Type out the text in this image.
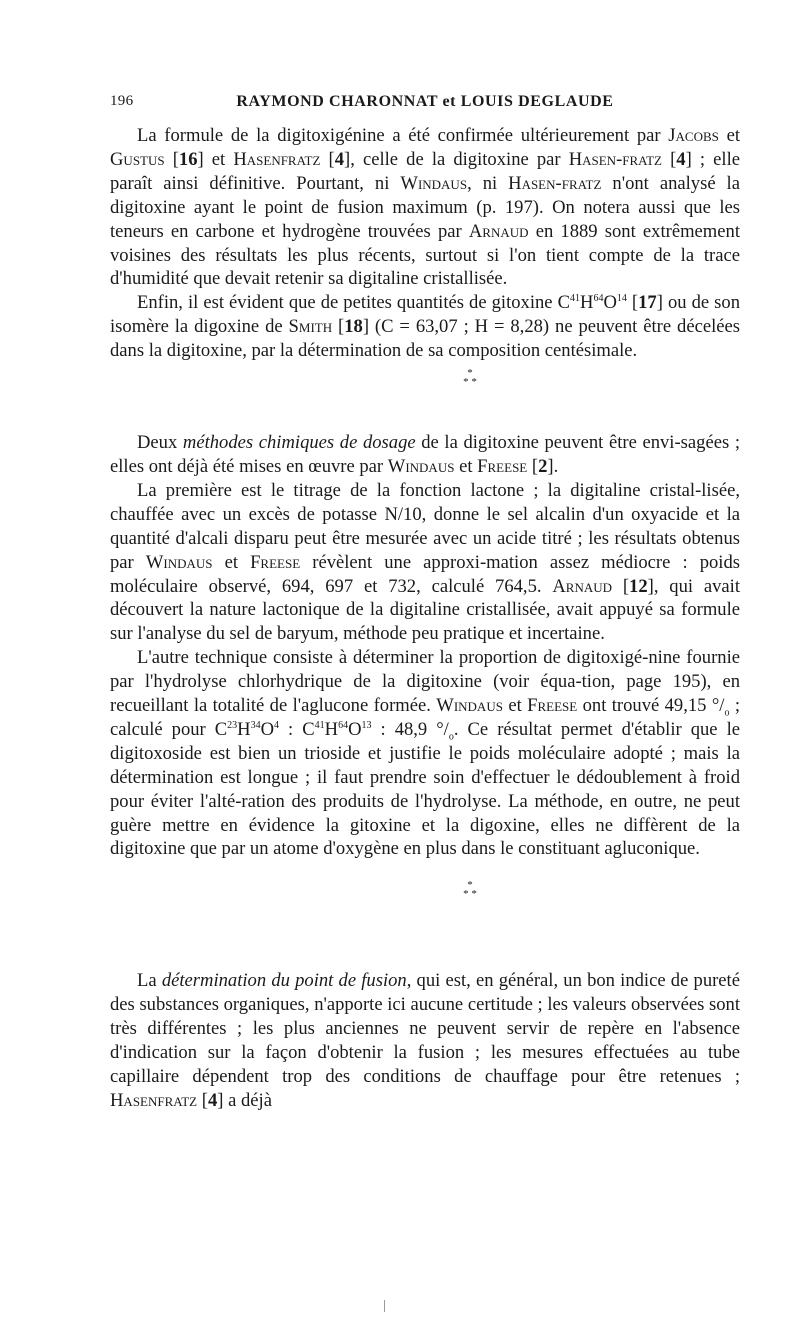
196	RAYMOND CHARONNAT et LOUIS DEGLAUDE

La formule de la digitoxigénine a été confirmée ultérieurement par Jacobs et Gustus [16] et Hasenfratz [4], celle de la digitoxine par Hasen-fratz [4] ; elle paraît ainsi définitive. Pourtant, ni Windaus, ni Hasen-fratz n'ont analysé la digitoxine ayant le point de fusion maximum (p. 197). On notera aussi que les teneurs en carbone et hydrogène trouvées par Arnaud en 1889 sont extrêmement voisines des résultats les plus récents, surtout si l'on tient compte de la trace d'humidité que devait retenir sa digitaline cristallisée.

Enfin, il est évident que de petites quantités de gitoxine $C^{41}H^{64}O^{14}$ [17] ou de son isomère la digoxine de Smith [18] (C = 63,07 ; H = 8,28) ne peuvent être décelées dans la digitoxine, par la détermination de sa composition centésimale.

*
* *

Deux méthodes chimiques de dosage de la digitoxine peuvent être envi-sagées ; elles ont déjà été mises en œuvre par Windaus et Freese [2].

La première est le titrage de la fonction lactone ; la digitaline cristal-lisée, chauffée avec un excès de potasse N/10, donne le sel alcalin d'un oxyacide et la quantité d'alcali disparu peut être mesurée avec un acide titré ; les résultats obtenus par Windaus et Freese révèlent une approxi-mation assez médiocre : poids moléculaire observé, 694, 697 et 732, calculé 764,5. Arnaud [12], qui avait découvert la nature lactonique de la digitaline cristallisée, avait appuyé sa formule sur l'analyse du sel de baryum, méthode peu pratique et incertaine.

L'autre technique consiste à déterminer la proportion de digitoxigé-nine fournie par l'hydrolyse chlorhydrique de la digitoxine (voir équa-tion, page 195), en recueillant la totalité de l'aglucone formée. Windaus et Freese ont trouvé 49,15 $^\circ/_o$ ; calculé pour $C^{23}H^{34}O^4$ : $C^{41}H^{64}O^{13}$ : 48,9 $^\circ/_o$. Ce résultat permet d'établir que le digitoxoside est bien un trioside et justifie le poids moléculaire adopté ; mais la détermination est longue ; il faut prendre soin d'effectuer le dédoublement à froid pour éviter l'alté-ration des produits de l'hydrolyse. La méthode, en outre, ne peut guère mettre en évidence la gitoxine et la digoxine, elles ne diffèrent de la digitoxine que par un atome d'oxygène en plus dans le constituant agluconique.

*
* *

La détermination du point de fusion, qui est, en général, un bon indice de pureté des substances organiques, n'apporte ici aucune certitude ; les valeurs observées sont très différentes ; les plus anciennes ne peuvent servir de repère en l'absence d'indication sur la façon d'obtenir la fusion ; les mesures effectuées au tube capillaire dépendent trop des conditions de chauffage pour être retenues ; Hasenfratz [4] a déjà
